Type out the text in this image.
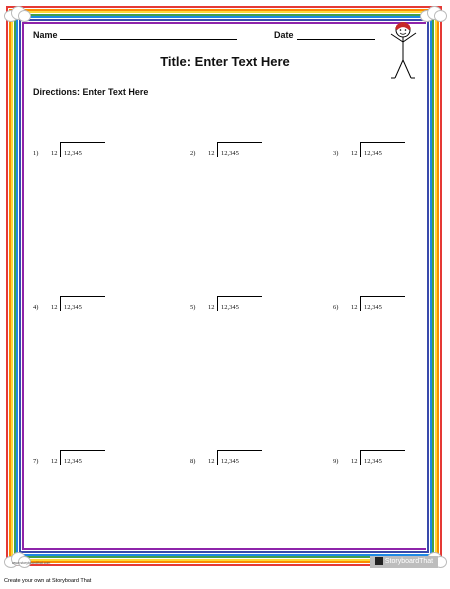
Name	Date
Title: Enter Text Here
Directions: Enter Text Here
1) 12 12,345	2) 12 12,345	3) 12 12,345
4) 12 12,345	5) 12 12,345	6) 12 12,345
7) 12 12,345	8) 12 12,345	9) 12 12,345
www.storyboardthat.com	StoryboardThat
Create your own at Storyboard That
